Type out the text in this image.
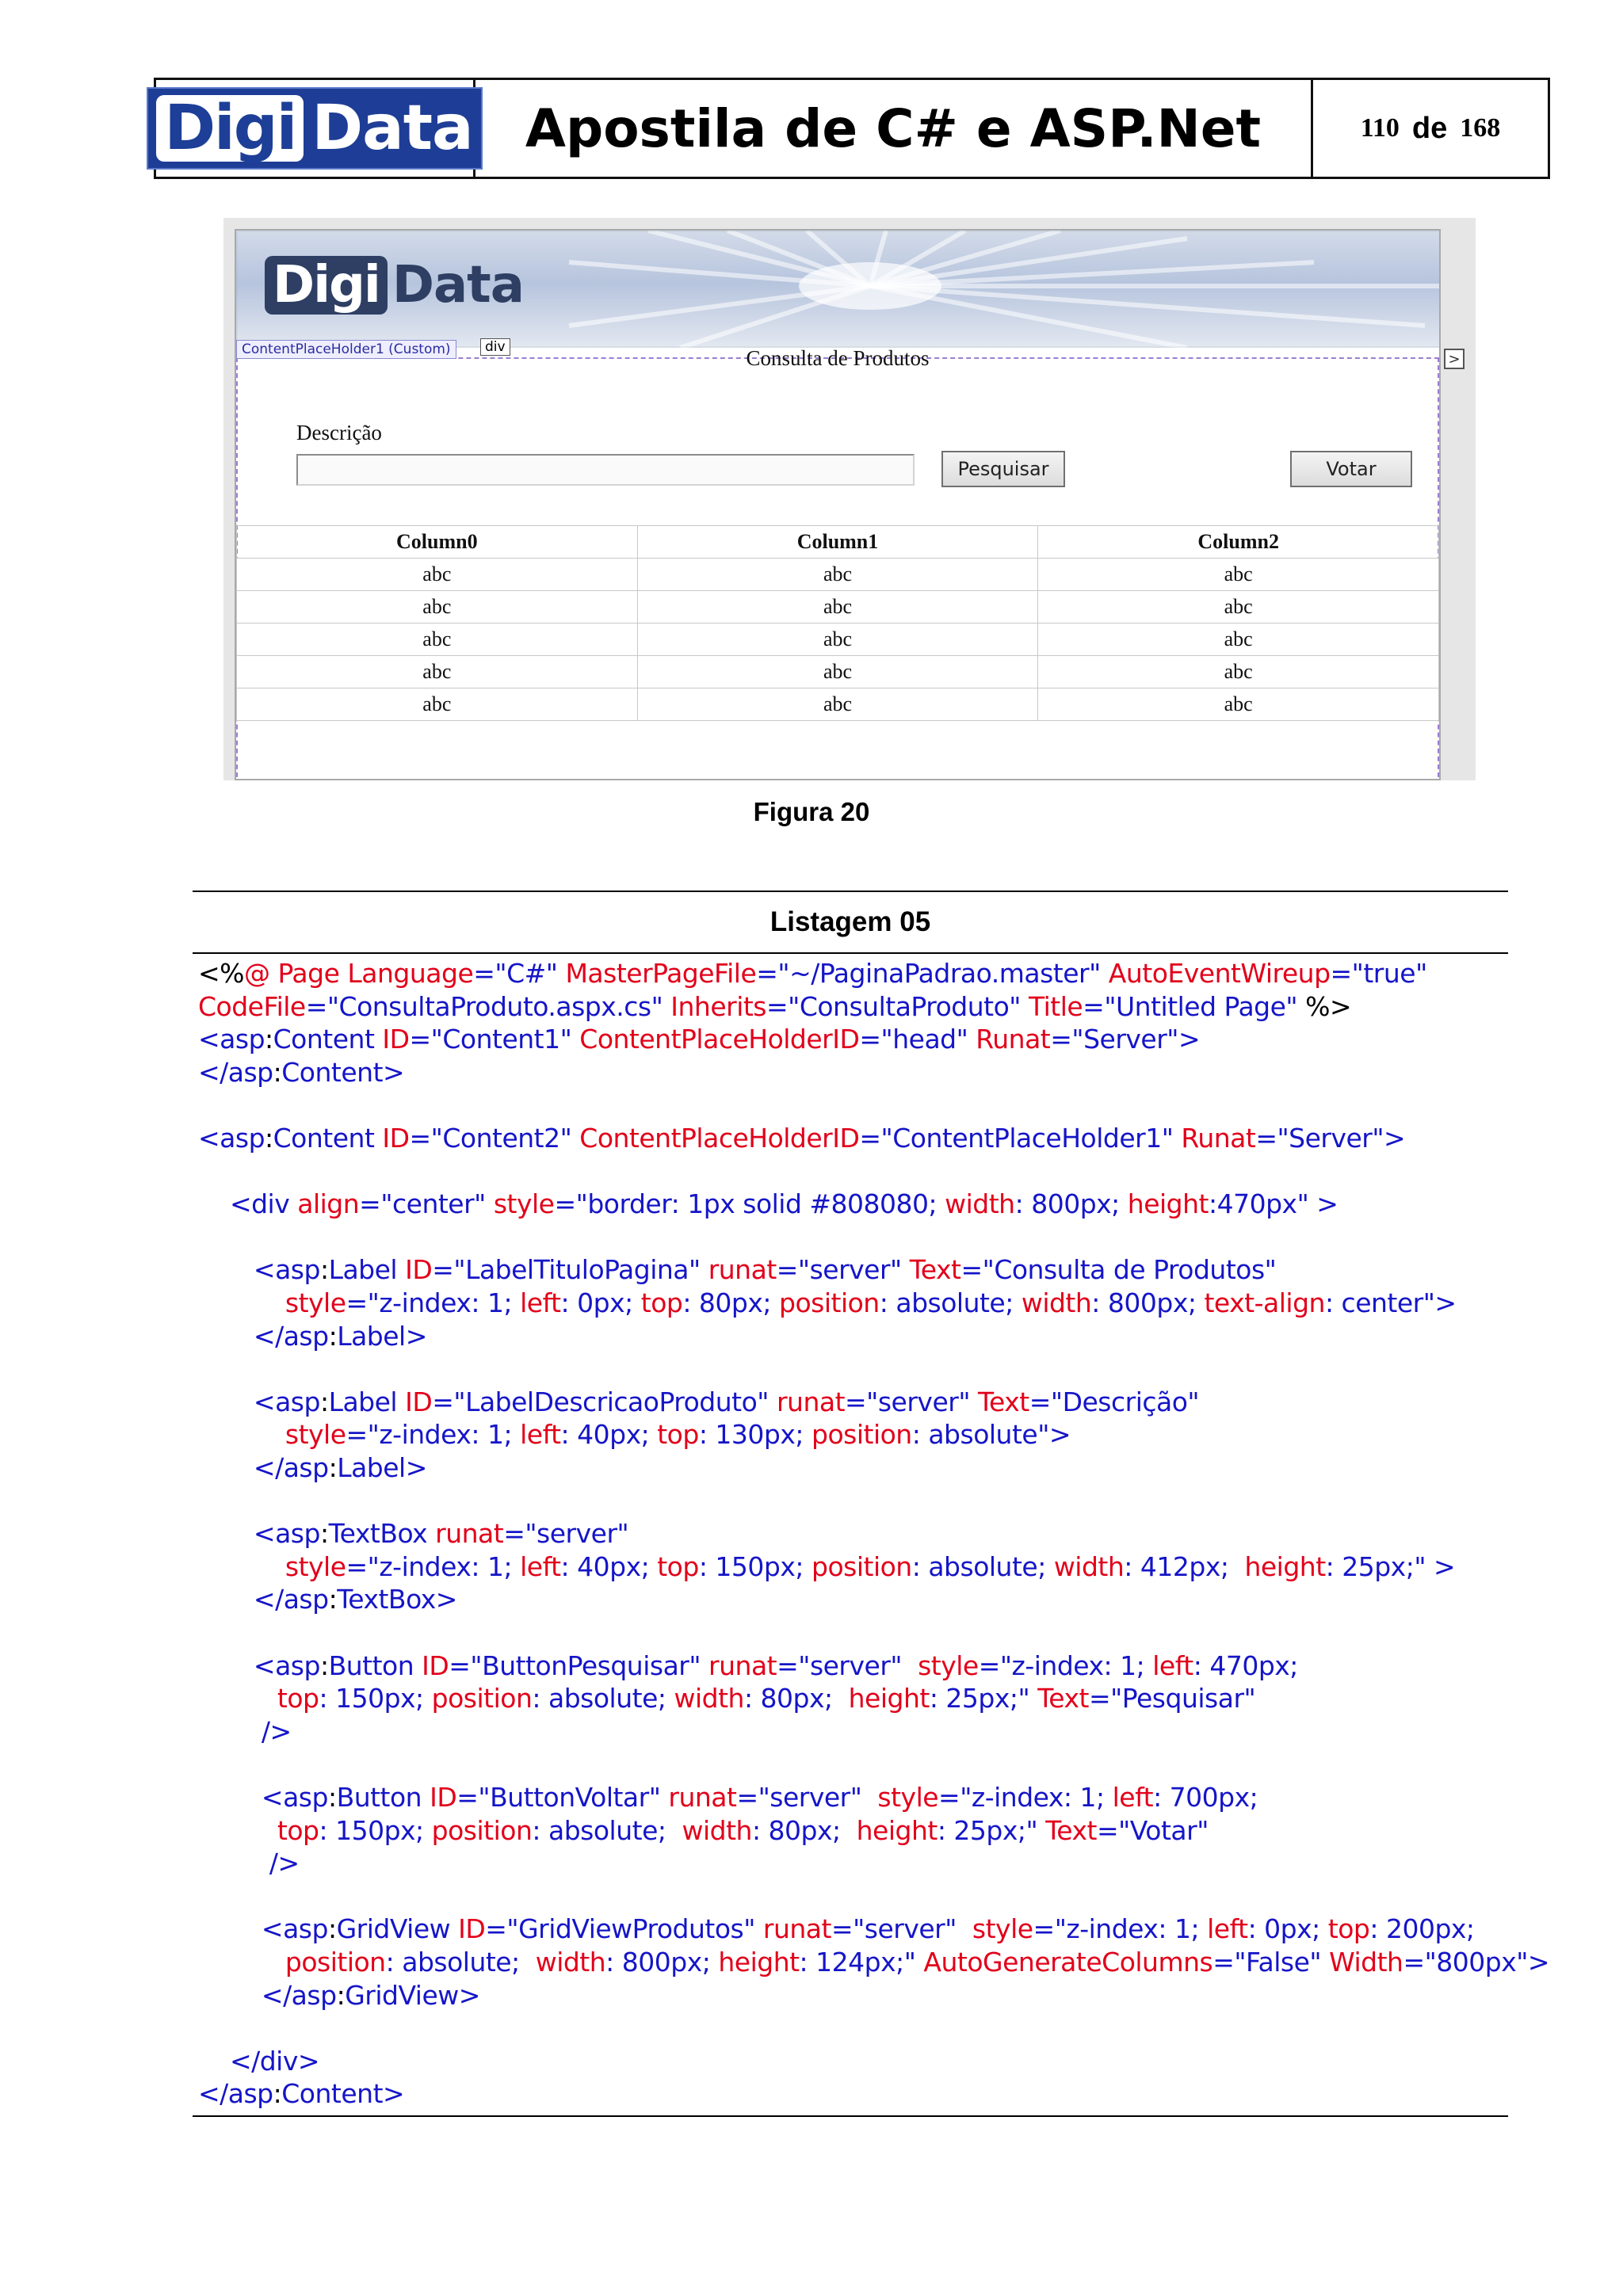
Digi Data	Apostila de C# e ASP.Net	110 de 168
Digi Data
ContentPlaceHolder1 (Custom)	div	Consulta de Produtos
Descrição
Pesquisar	Votar
Column0	Column1	Column2
abc	abc	abc
abc	abc	abc
abc	abc	abc
abc	abc	abc
abc	abc	abc
>
Figura 20
Listagem 05
<%@ Page Language="C#" MasterPageFile="~/PaginaPadrao.master" AutoEventWireup="true"
CodeFile="ConsultaProduto.aspx.cs" Inherits="ConsultaProduto" Title="Untitled Page" %>
<asp:Content ID="Content1" ContentPlaceHolderID="head" Runat="Server">
</asp:Content>
<asp:Content ID="Content2" ContentPlaceHolderID="ContentPlaceHolder1" Runat="Server">
<div align="center" style="border: 1px solid #808080; width: 800px; height:470px" >
<asp:Label ID="LabelTituloPagina" runat="server" Text="Consulta de Produtos"
style="z-index: 1; left: 0px; top: 80px; position: absolute; width: 800px; text-align: center">
</asp:Label>
<asp:Label ID="LabelDescricaoProduto" runat="server" Text="Descrição"
style="z-index: 1; left: 40px; top: 130px; position: absolute">
</asp:Label>
<asp:TextBox runat="server"
style="z-index: 1; left: 40px; top: 150px; position: absolute; width: 412px;  height: 25px;" >
</asp:TextBox>
<asp:Button ID="ButtonPesquisar" runat="server"  style="z-index: 1; left: 470px;
top: 150px; position: absolute; width: 80px;  height: 25px;" Text="Pesquisar"
/>
<asp:Button ID="ButtonVoltar" runat="server"  style="z-index: 1; left: 700px;
top: 150px; position: absolute;  width: 80px;  height: 25px;" Text="Votar"
/>
<asp:GridView ID="GridViewProdutos" runat="server"  style="z-index: 1; left: 0px; top: 200px;
position: absolute;  width: 800px; height: 124px;" AutoGenerateColumns="False" Width="800px">
</asp:GridView>
</div>
</asp:Content>
